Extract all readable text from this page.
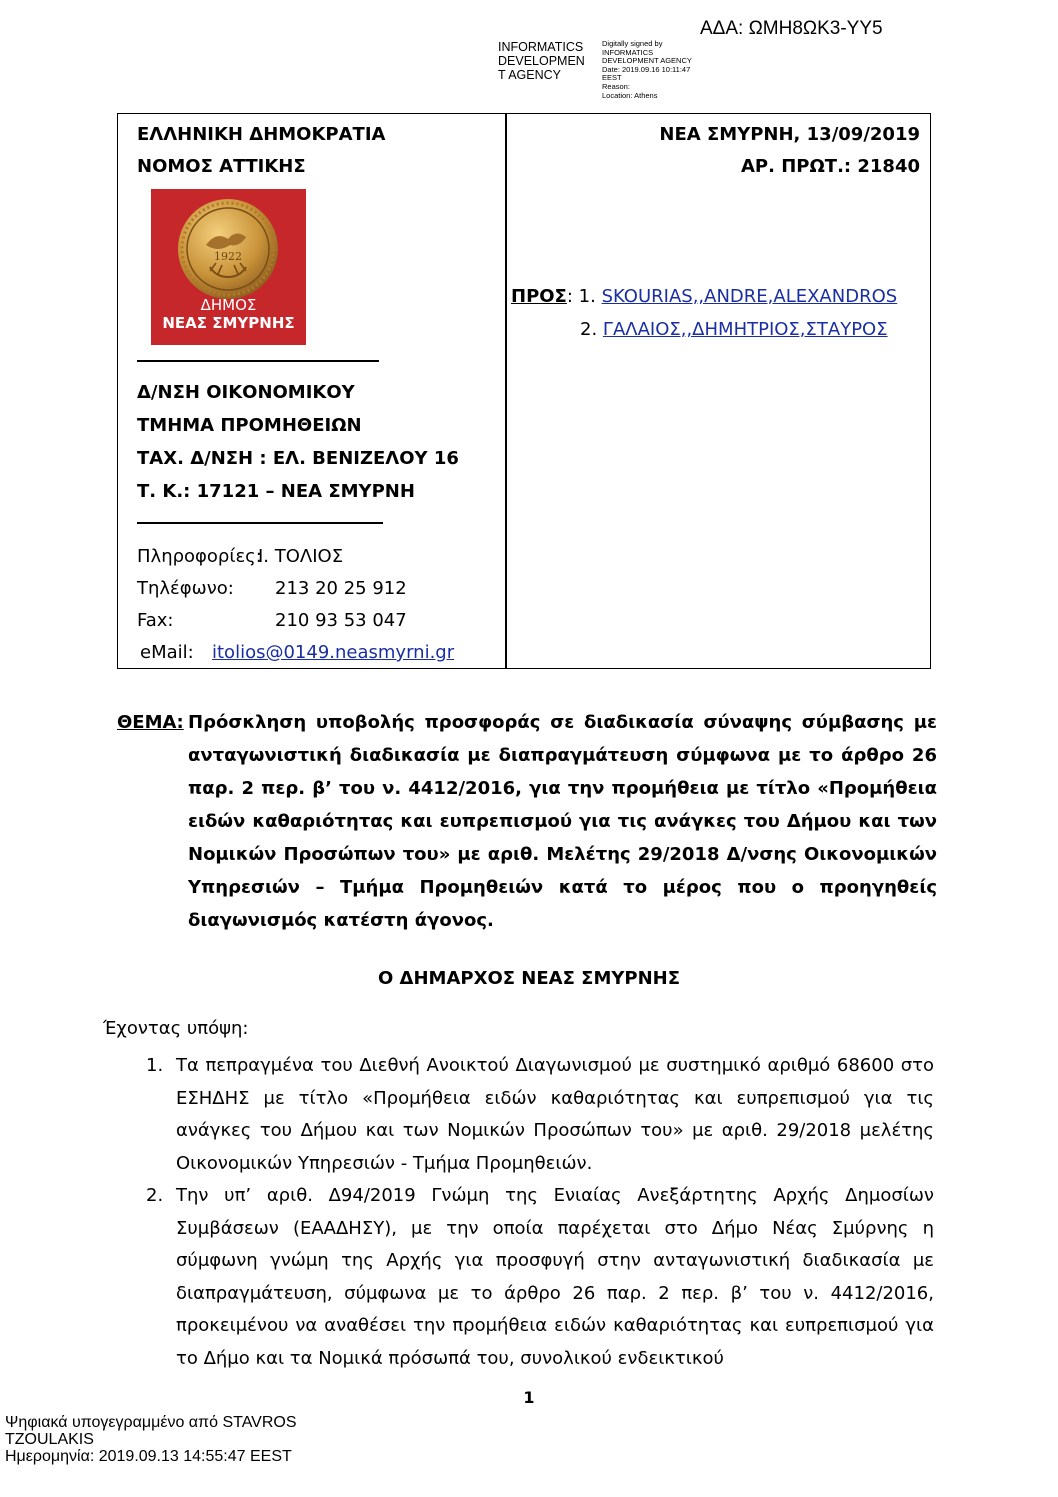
ΑΔΑ: ΩΜΗ8ΩΚ3-ΥΥ5
INFORMATICS
DEVELOPMEN
T AGENCY
Digitally signed by
INFORMATICS
DEVELOPMENT AGENCY
Date: 2019.09.16 10:11:47
EEST
Reason:
Location: Athens
ΕΛΛΗΝΙΚΗ ΔΗΜΟΚΡΑΤΙΑ
ΝΟΜΟΣ ΑΤΤΙΚΗΣ
1922
ΔΗΜΟΣ
ΝΕΑΣ ΣΜΥΡΝΗΣ
Δ/ΝΣΗ ΟΙΚΟΝΟΜΙΚΟΥ
ΤΜΗΜΑ ΠΡΟΜΗΘΕΙΩΝ
ΤΑΧ. Δ/ΝΣΗ : ΕΛ. ΒΕΝΙΖΕΛΟΥ 16
Τ. Κ.: 17121 – ΝΕΑ ΣΜΥΡΝΗ
Πληροφορίες:
Ι. ΤΟΛΙΟΣ
Τηλέφωνο: 213 20 25 912
Fax:	210 93 53 047
eMail: itolios@0149.neasmyrni.gr
ΝΕΑ ΣΜΥΡΝΗ, 13/09/2019
ΑΡ. ΠΡΩΤ.: 21840
ΠΡΟΣ: 1. SKOURIAS,,ANDRE,ALEXANDROS
2. ΓΑΛΑΙΟΣ,,ΔΗΜΗΤΡΙΟΣ,ΣΤΑΥΡΟΣ
ΘΕΜΑ: Πρόσκληση υποβολής προσφοράς σε διαδικασία σύναψης σύμβασης με ανταγωνιστική διαδικασία με διαπραγμάτευση σύμφωνα με το άρθρο 26 παρ. 2 περ. β’ του ν. 4412/2016, για την προμήθεια με τίτλο «Προμήθεια ειδών καθαριότητας και ευπρεπισμού για τις ανάγκες του Δήμου και των Νομικών Προσώπων του» με αριθ. Μελέτης 29/2018 Δ/νσης Οικονομικών Υπηρεσιών – Τμήμα Προμηθειών κατά το μέρος που ο προηγηθείς διαγωνισμός κατέστη άγονος.
Ο ΔΗΜΑΡΧΟΣ ΝΕΑΣ ΣΜΥΡΝΗΣ
Έχοντας υπόψη:
1. Τα πεπραγμένα του Διεθνή Ανοικτού Διαγωνισμού με συστημικό αριθμό 68600 στο ΕΣΗΔΗΣ με τίτλο «Προμήθεια ειδών καθαριότητας και ευπρεπισμού για τις ανάγκες του Δήμου και των Νομικών Προσώπων του» με αριθ. 29/2018 μελέτης Οικονομικών Υπηρεσιών - Τμήμα Προμηθειών.
2. Την υπ’ αριθ. Δ94/2019 Γνώμη της Ενιαίας Ανεξάρτητης Αρχής Δημοσίων Συμβάσεων (ΕΑΑΔΗΣΥ), με την οποία παρέχεται στο Δήμο Νέας Σμύρνης η σύμφωνη γνώμη της Αρχής για προσφυγή στην ανταγωνιστική διαδικασία με διαπραγμάτευση, σύμφωνα με το άρθρο 26 παρ. 2 περ. β’ του ν. 4412/2016, προκειμένου να αναθέσει την προμήθεια ειδών καθαριότητας και ευπρεπισμού για το Δήμο και τα Νομικά πρόσωπά του, συνολικού ενδεικτικού
1
Ψηφιακά υπογεγραμμένο από STAVROS
TZOULAKIS
Ημερομηνία: 2019.09.13 14:55:47 EEST
